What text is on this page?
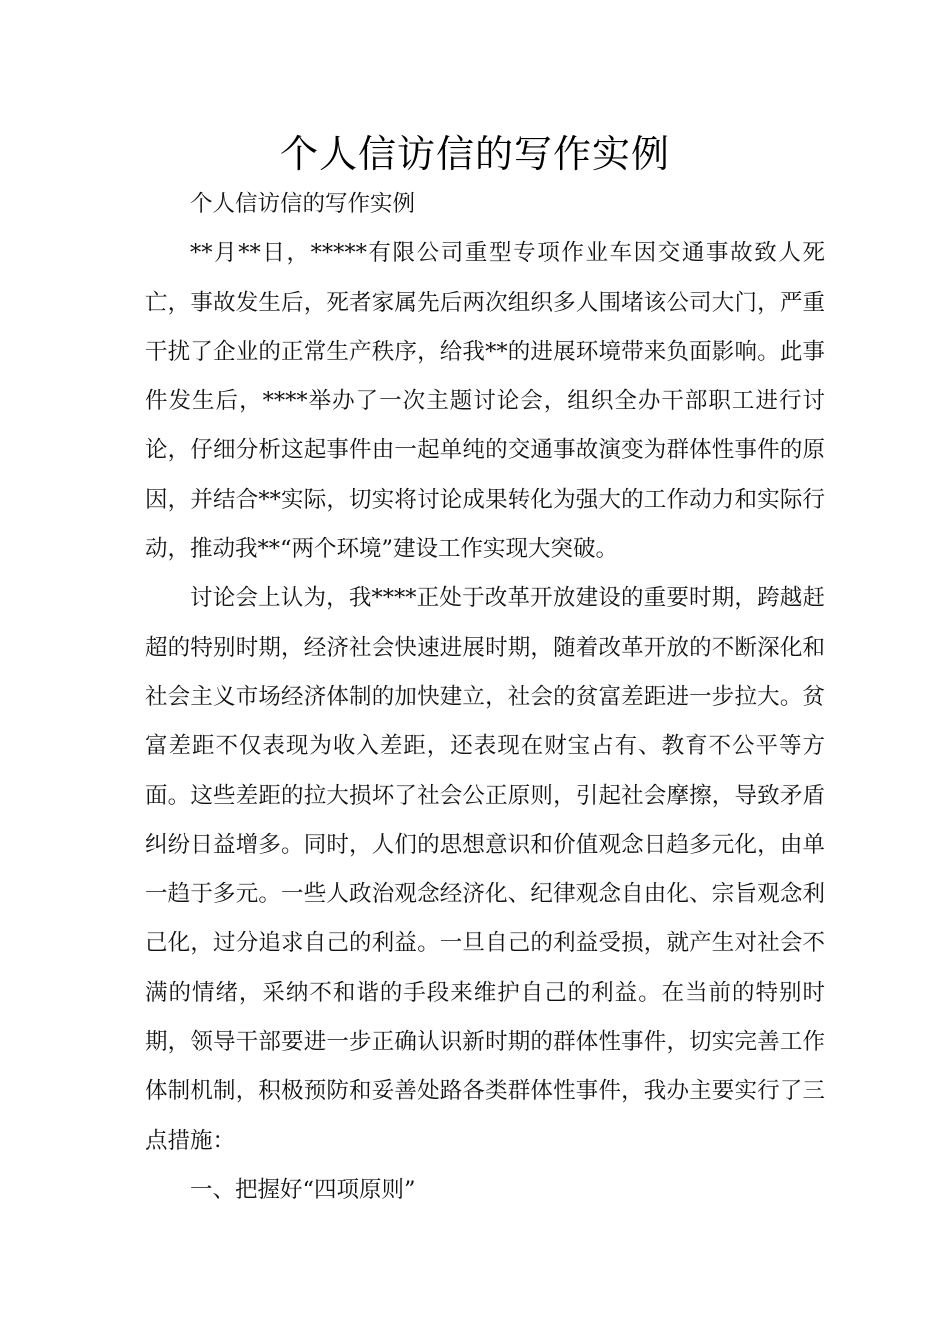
个人信访信的写作实例

个人信访信的写作实例

**月**日，*****有限公司重型专项作业车因交通事故致人死亡，事故发生后，死者家属先后两次组织多人围堵该公司大门，严重干扰了企业的正常生产秩序，给我**的进展环境带来负面影响。此事件发生后，****举办了一次主题讨论会，组织全办干部职工进行讨论，仔细分析这起事件由一起单纯的交通事故演变为群体性事件的原因，并结合**实际，切实将讨论成果转化为强大的工作动力和实际行动，推动我**“两个环境”建设工作实现大突破。

讨论会上认为，我****正处于改革开放建设的重要时期，跨越赶超的特别时期，经济社会快速进展时期，随着改革开放的不断深化和社会主义市场经济体制的加快建立，社会的贫富差距进一步拉大。贫富差距不仅表现为收入差距，还表现在财宝占有、教育不公平等方面。这些差距的拉大损坏了社会公正原则，引起社会摩擦，导致矛盾纠纷日益增多。同时，人们的思想意识和价值观念日趋多元化，由单一趋于多元。一些人政治观念经济化、纪律观念自由化、宗旨观念利己化，过分追求自己的利益。一旦自己的利益受损，就产生对社会不满的情绪，采纳不和谐的手段来维护自己的利益。在当前的特别时期，领导干部要进一步正确认识新时期的群体性事件，切实完善工作体制机制，积极预防和妥善处路各类群体性事件，我办主要实行了三点措施：

一、把握好“四项原则”
